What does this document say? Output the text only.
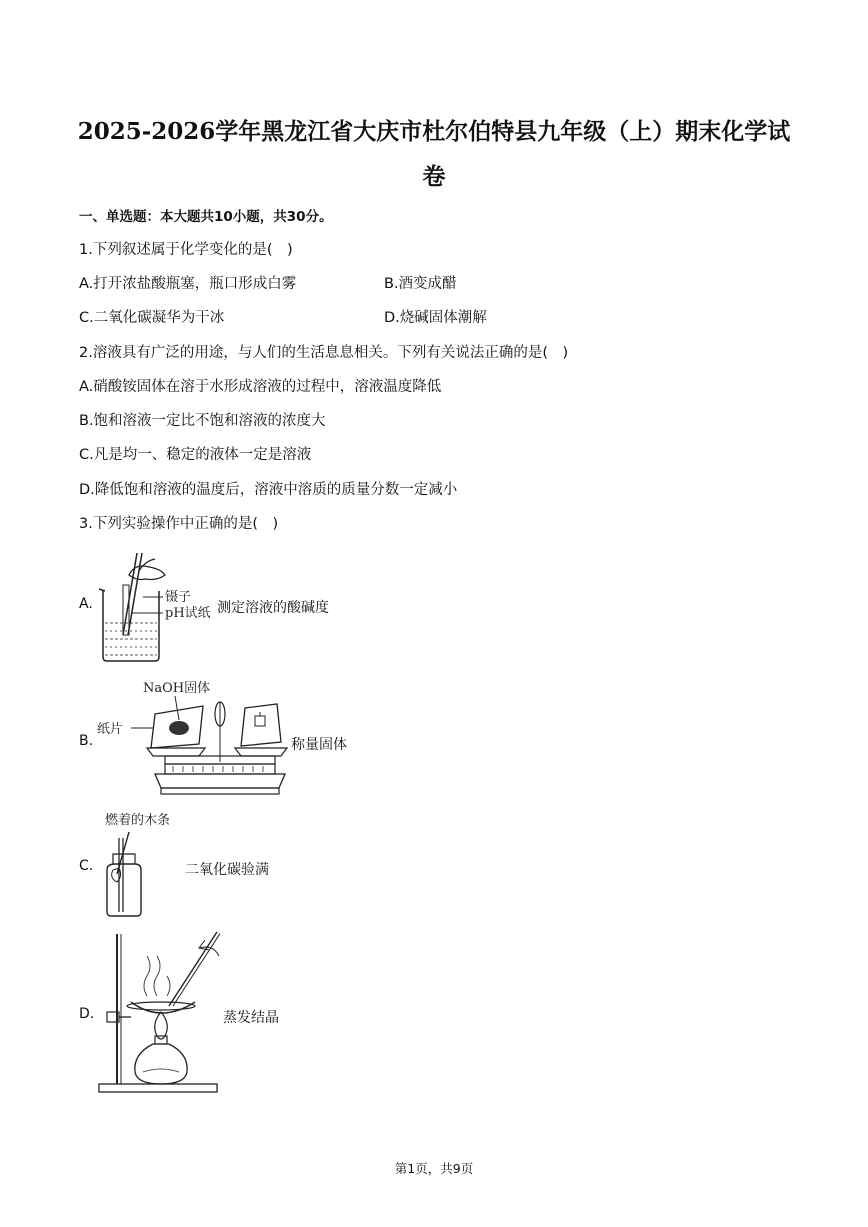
2025-2026学年黑龙江省大庆市杜尔伯特县九年级（上）期末化学试
卷
一、单选题：本大题共10小题，共30分。
1.下列叙述属于化学变化的是(　)
A.打开浓盐酸瓶塞，瓶口形成白雾	B.酒变成醋
C.二氧化碳凝华为干冰	D.烧碱固体潮解
2.溶液具有广泛的用途，与人们的生活息息相关。下列有关说法正确的是(　)
A.硝酸铵固体在溶于水形成溶液的过程中，溶液温度降低
B.饱和溶液一定比不饱和溶液的浓度大
C.凡是均一、稳定的液体一定是溶液
D.降低饱和溶液的温度后，溶液中溶质的质量分数一定减小
3.下列实验操作中正确的是(　)
A.	镊子
pH试纸 测定溶液的酸碱度
B.
NaOH固体
纸片
称量固体
C.
燃着的木条
二氧化碳验满
D.	蒸发结晶
第1页，共9页
